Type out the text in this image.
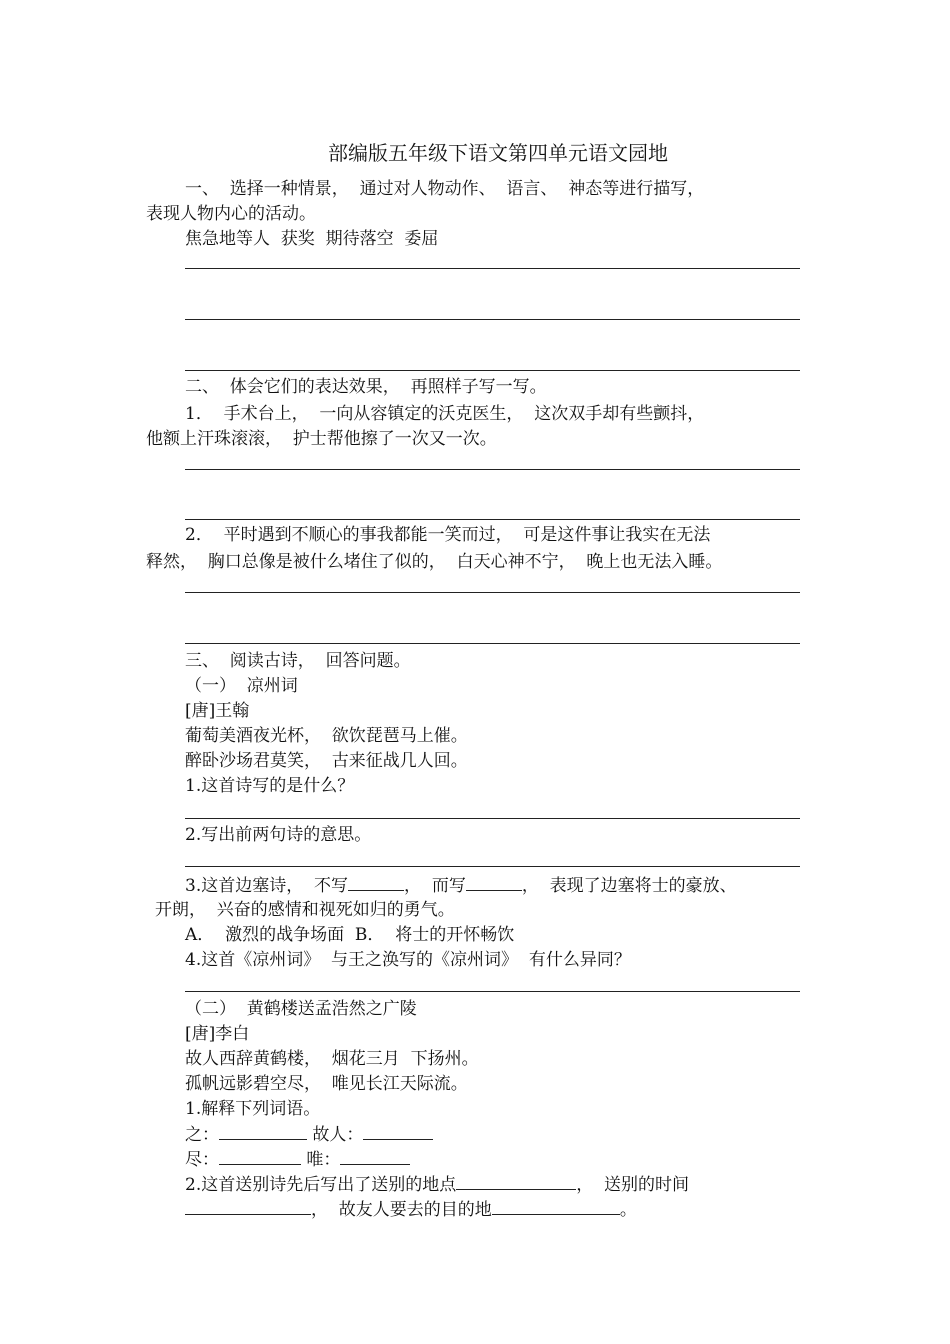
部编版五年级下语文第四单元语文园地
一、  选择一种情景，  通过对人物动作、  语言、  神态等进行描写，
表现人物内心的活动。
焦急地等人  获奖  期待落空  委屈
二、  体会它们的表达效果，  再照样子写一写。
1．  手术台上，  一向从容镇定的沃克医生，  这次双手却有些颤抖，
他额上汗珠滚滚，  护士帮他擦了一次又一次。
2．  平时遇到不顺心的事我都能一笑而过，  可是这件事让我实在无法
释然，  胸口总像是被什么堵住了似的，  白天心神不宁，  晚上也无法入睡。
三、  阅读古诗，  回答问题。
（一）  凉州词
[唐]王翰
葡萄美酒夜光杯，  欲饮琵琶马上催。
醉卧沙场君莫笑，  古来征战几人回。
1.这首诗写的是什么？
2.写出前两句诗的意思。
3.这首边塞诗，  不写	，  而写	，  表现了边塞将士的豪放、
开朗，  兴奋的感情和视死如归的勇气。
A．  激烈的战争场面  B．  将士的开怀畅饮
4.这首《凉州词》  与王之涣写的《凉州词》  有什么异同？
（二）  黄鹤楼送孟浩然之广陵
[唐]李白
故人西辞黄鹤楼，  烟花三月  下扬州。
孤帆远影碧空尽，  唯见长江天际流。
1.解释下列词语。
之：	故人：
尽：	唯：
2.这首送别诗先后写出了送别的地点	，  送别的时间
，  故友人要去的目的地	。
